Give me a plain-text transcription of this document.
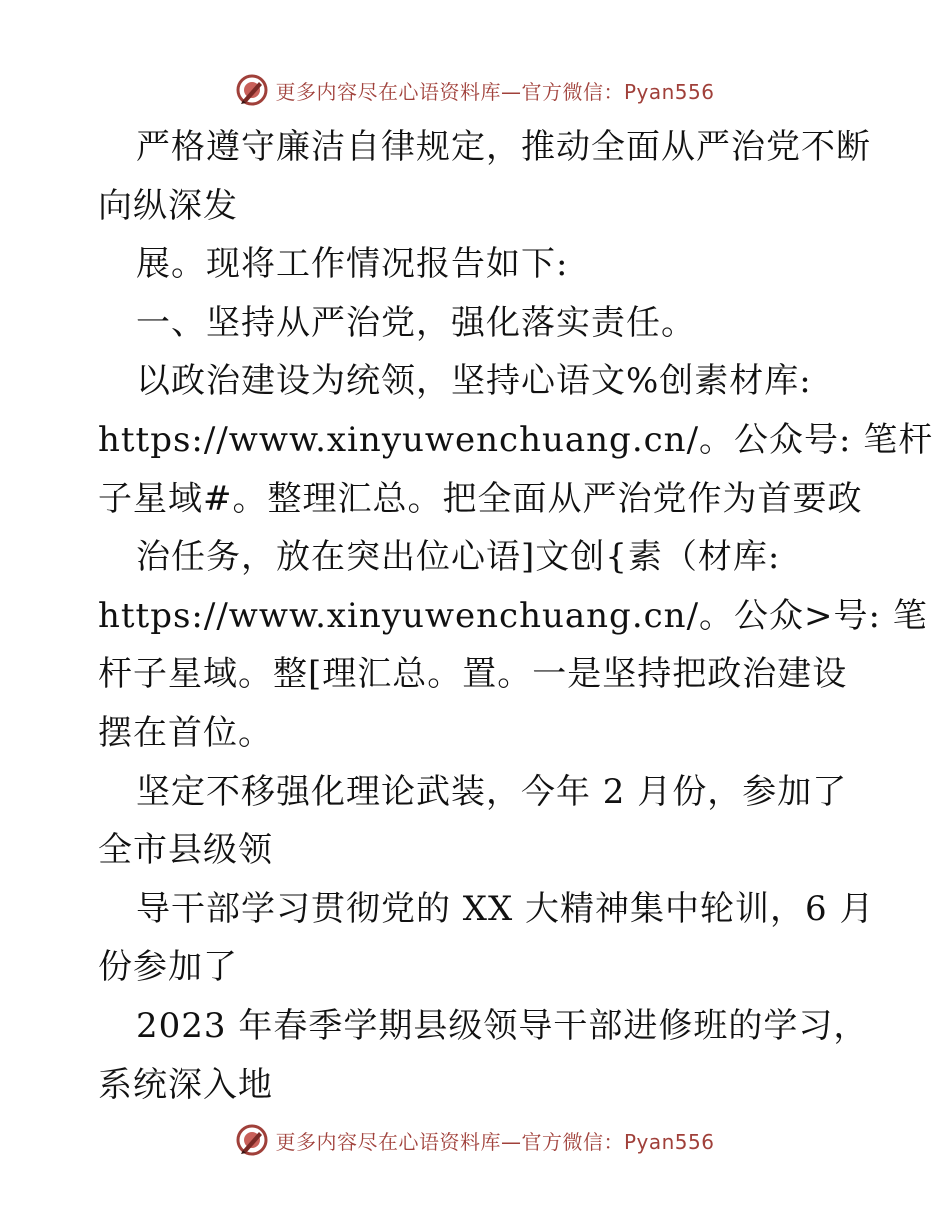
更多内容尽在心语资料库—官方微信：Pyan556
严格遵守廉洁自律规定，推动全面从严治党不断
向纵深发
展。现将工作情况报告如下:
一、坚持从严治党，强化落实责任。
以政治建设为统领，坚持心语文%创素材库:
https://www.xinyuwenchuang.cn/。公众号: 笔杆
子星域#。整理汇总。把全面从严治党作为首要政
治任务，放在突出位心语]文创{素（材库:
https://www.xinyuwenchuang.cn/。公众>号: 笔
杆子星域。整[理汇总。置。一是坚持把政治建设
摆在首位。
坚定不移强化理论武装，今年 2 月份，参加了
全市县级领
导干部学习贯彻党的 XX 大精神集中轮训，6 月
份参加了
2023 年春季学期县级领导干部进修班的学习，
系统深入地
更多内容尽在心语资料库—官方微信：Pyan556
